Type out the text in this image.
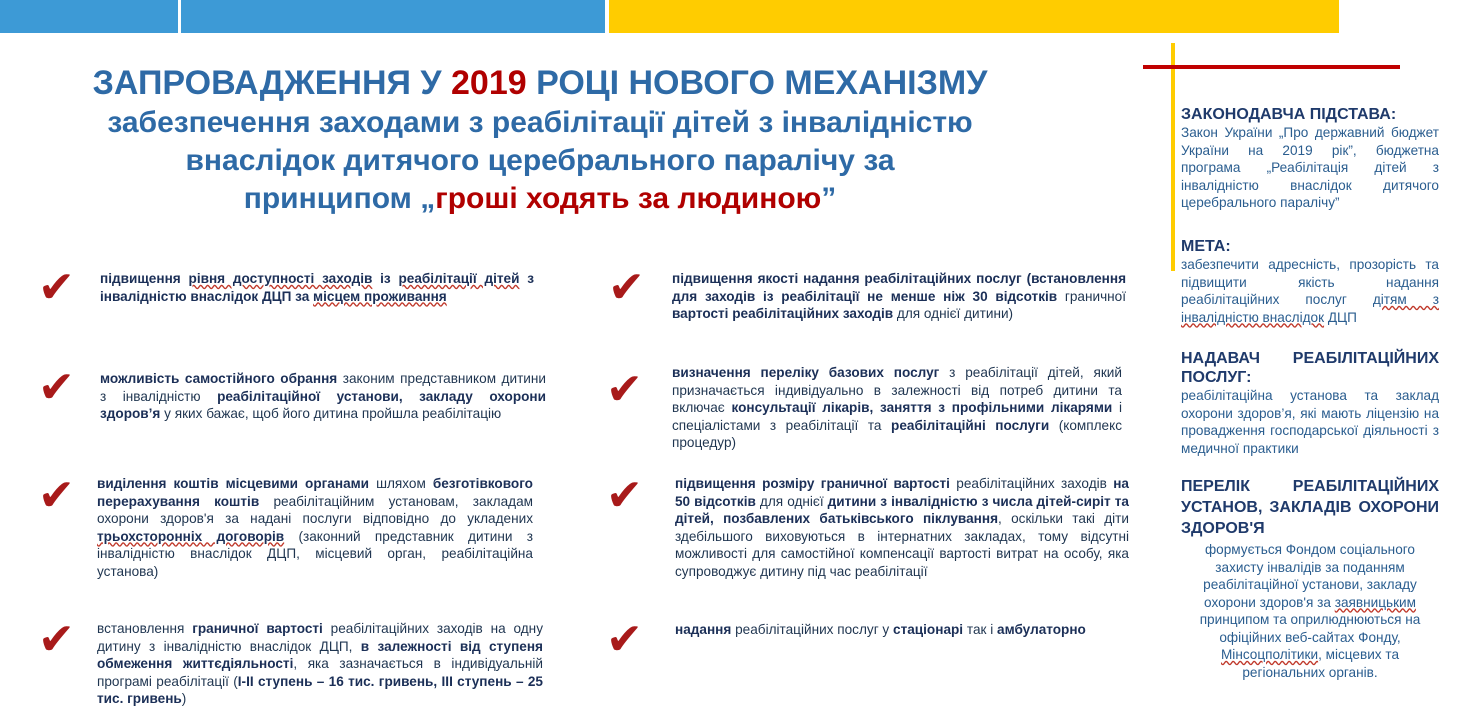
ЗАПРОВАДЖЕННЯ У 2019 РОЦІ НОВОГО МЕХАНІЗМУ
забезпечення заходами з реабілітації дітей з інвалідністю
внаслідок дитячого церебрального паралічу за
принципом „гроші ходять за людиною”
✔ підвищення рівня доступності заходів із реабілітації дітей з інвалідністю внаслідок ДЦП за місцем проживання
✔ можливість самостійного обрання законим представником дитини з інвалідністю реабілітаційної установи, закладу охорони здоров’я у яких бажає, щоб його дитина пройшла реабілітацію
✔ виділення коштів місцевими органами шляхом безготівкового перерахування коштів реабілітаційним установам, закладам охорони здоров'я за надані послуги відповідно до укладених трьохсторонніх договорів (законний представник дитини з інвалідністю внаслідок ДЦП, місцевий орган, реабілітаційна установа)
✔ встановлення граничної вартості реабілітаційних заходів на одну дитину з інвалідністю внаслідок ДЦП, в залежності від ступеня обмеження життєдіяльності, яка зазначається в індивідуальній програмі реабілітації (І-ІІ ступень – 16 тис. гривень, ІІІ ступень – 25 тис. гривень)
✔ підвищення якості надання реабілітаційних послуг (встановлення для заходів із реабілітації не менше ніж 30 відсотків граничної вартості реабілітаційних заходів для однієї дитини)
✔ визначення переліку базових послуг з реабілітації дітей, який призначається індивідуально в залежності від потреб дитини та включає консультації лікарів, заняття з профільними лікарями і спеціалістами з реабілітації та реабілітаційні послуги (комплекс процедур)
✔ підвищення розміру граничної вартості реабілітаційних заходів на 50 відсотків для однієї дитини з інвалідністю з числа дітей-сиріт та дітей, позбавлених батьківського піклування, оскільки такі діти здебільшого виховуються в інтернатних закладах, тому відсутні можливості для самостійної компенсації вартості витрат на особу, яка супроводжує дитину під час реабілітації
✔ надання реабілітаційних послуг у стаціонарі так і амбулаторно
ЗАКОНОДАВЧА ПІДСТАВА:

Закон України „Про державний бюджет України на 2019 рік”, бюджетна програма „Реабілітація дітей з інвалідністю внаслідок дитячого церебрального паралічу”

МЕТА:

забезпечити адресність, прозорість та підвищити якість надання реабілітаційних послуг дітям з інвалідністю внаслідок ДЦП

НАДАВАЧ РЕАБІЛІТАЦІЙНИХ ПОСЛУГ:

реабілітаційна установа та заклад охорони здоров’я, які мають ліцензію на провадження господарської діяльності з медичної практики

ПЕРЕЛІК РЕАБІЛІТАЦІЙНИХ УСТАНОВ, ЗАКЛАДІВ ОХОРОНИ ЗДОРОВ'Я

формується Фондом соціального захисту інвалідів за поданням реабілітаційної установи, закладу охорони здоров'я за заявницьким принципом та оприлюднюються на офіційних веб-сайтах Фонду, Мінсоцполітики, місцевих та регіональних органів.
